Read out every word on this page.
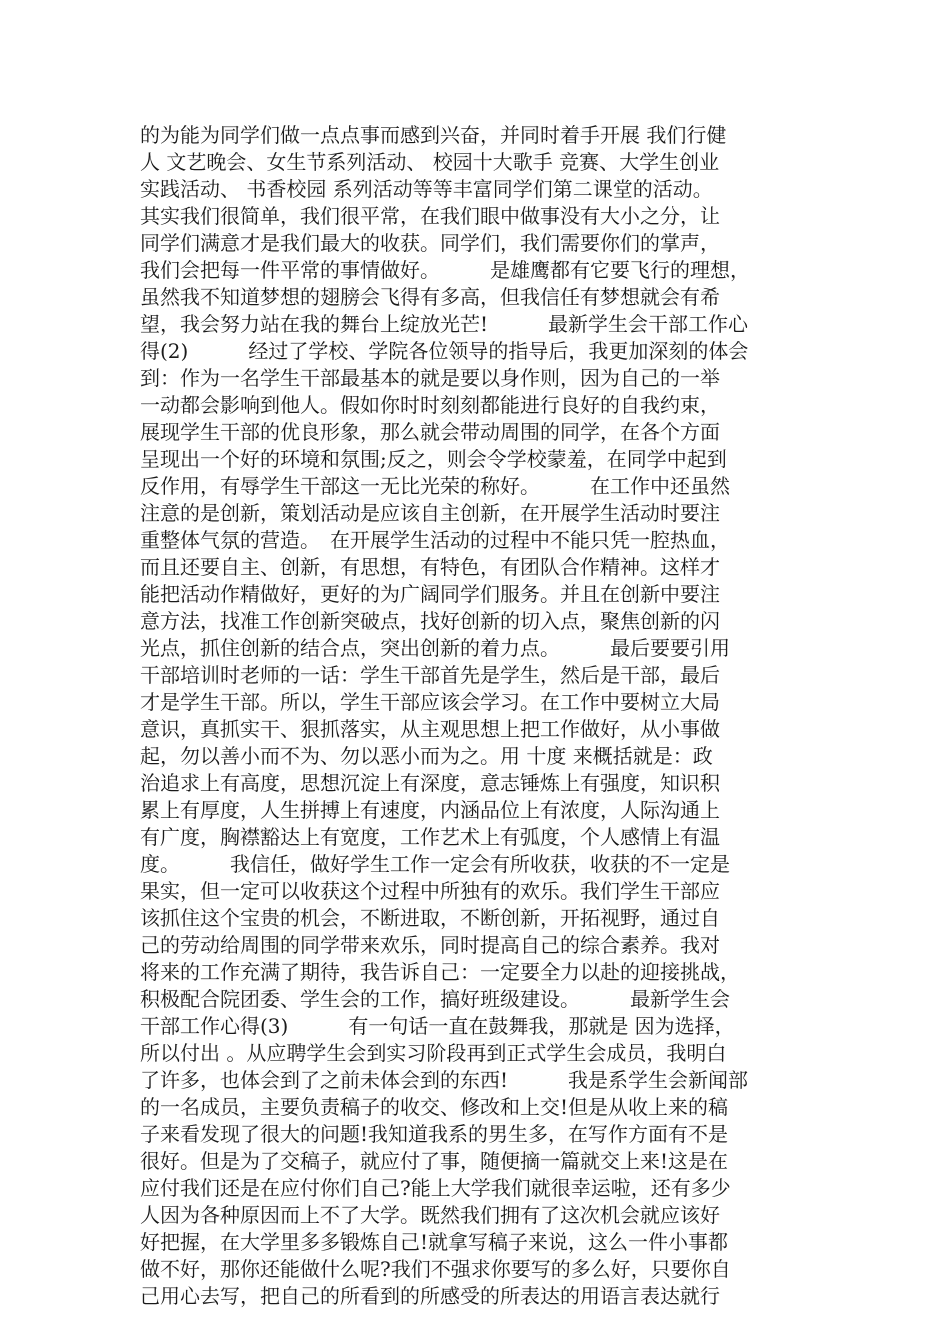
的为能为同学们做一点点事而感到兴奋，并同时着手开展 我们行健
人 文艺晚会、女生节系列活动、 校园十大歌手 竞赛、大学生创业
实践活动、 书香校园 系列活动等等丰富同学们第二课堂的活动。
其实我们很简单，我们很平常，在我们眼中做事没有大小之分，让
同学们满意才是我们最大的收获。同学们，我们需要你们的掌声，
我们会把每一件平常的事情做好。　　　是雄鹰都有它要飞行的理想，
虽然我不知道梦想的翅膀会飞得有多高，但我信任有梦想就会有希
望，我会努力站在我的舞台上绽放光芒!　　　最新学生会干部工作心
得(2)　　　经过了学校、学院各位领导的指导后，我更加深刻的体会
到：作为一名学生干部最基本的就是要以身作则，因为自己的一举
一动都会影响到他人。假如你时时刻刻都能进行良好的自我约束，
展现学生干部的优良形象，那么就会带动周围的同学，在各个方面
呈现出一个好的环境和氛围;反之，则会令学校蒙羞，在同学中起到
反作用，有辱学生干部这一无比光荣的称好。　　　在工作中还虽然
注意的是创新，策划活动是应该自主创新，在开展学生活动时要注
重整体气氛的营造。　在开展学生活动的过程中不能只凭一腔热血，
而且还要自主、创新，有思想，有特色，有团队合作精神。这样才
能把活动作精做好，更好的为广阔同学们服务。并且在创新中要注
意方法，找准工作创新突破点，找好创新的切入点，聚焦创新的闪
光点，抓住创新的结合点，突出创新的着力点。　　　最后要要引用
干部培训时老师的一话：学生干部首先是学生，然后是干部，最后
才是学生干部。所以，学生干部应该会学习。在工作中要树立大局
意识，真抓实干、狠抓落实，从主观思想上把工作做好，从小事做
起，勿以善小而不为、勿以恶小而为之。用 十度 来概括就是：政
治追求上有高度，思想沉淀上有深度，意志锤炼上有强度，知识积
累上有厚度，人生拼搏上有速度，内涵品位上有浓度，人际沟通上
有广度，胸襟豁达上有宽度，工作艺术上有弧度，个人感情上有温
度。　　　我信任，做好学生工作一定会有所收获，收获的不一定是
果实，但一定可以收获这个过程中所独有的欢乐。我们学生干部应
该抓住这个宝贵的机会，不断进取，不断创新，开拓视野，通过自
己的劳动给周围的同学带来欢乐，同时提高自己的综合素养。我对
将来的工作充满了期待，我告诉自己：一定要全力以赴的迎接挑战，
积极配合院团委、学生会的工作，搞好班级建设。　　　最新学生会
干部工作心得(3)　　　有一句话一直在鼓舞我，那就是 因为选择，
所以付出 。从应聘学生会到实习阶段再到正式学生会成员，我明白
了许多，也体会到了之前未体会到的东西!　　　我是系学生会新闻部
的一名成员，主要负责稿子的收交、修改和上交!但是从收上来的稿
子来看发现了很大的问题!我知道我系的男生多，在写作方面有不是
很好。但是为了交稿子，就应付了事，随便摘一篇就交上来!这是在
应付我们还是在应付你们自己?能上大学我们就很幸运啦，还有多少
人因为各种原因而上不了大学。既然我们拥有了这次机会就应该好
好把握，在大学里多多锻炼自己!就拿写稿子来说，这么一件小事都
做不好，那你还能做什么呢?我们不强求你要写的多么好，只要你自
己用心去写，把自己的所看到的所感受的所表达的用语言表达就行
